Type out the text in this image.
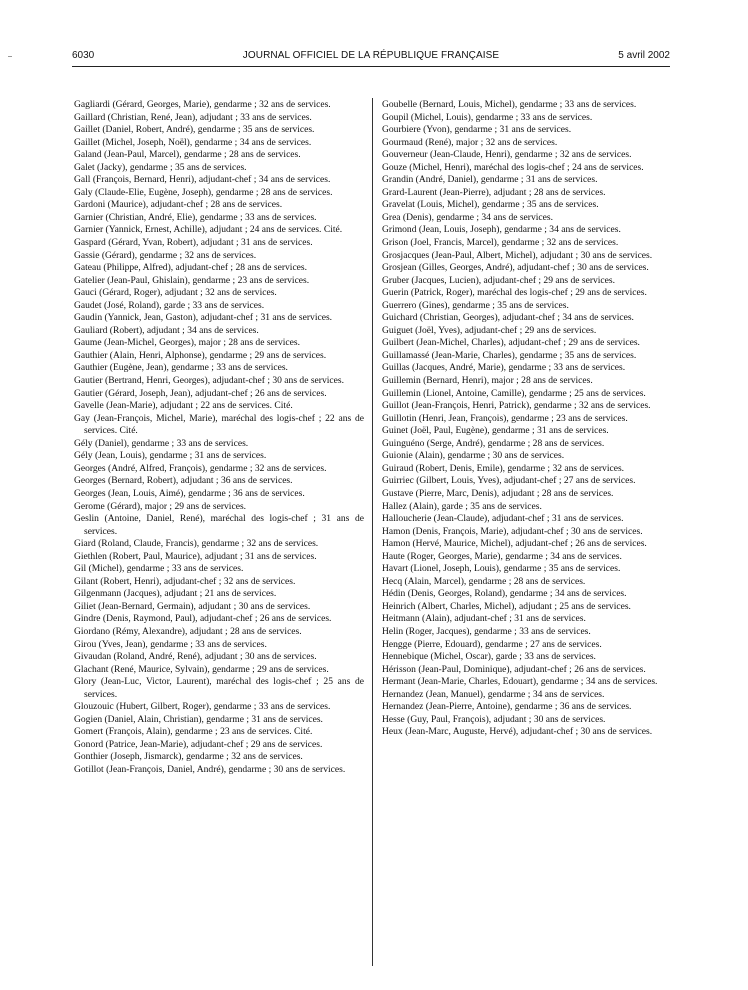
6030	JOURNAL OFFICIEL DE LA RÉPUBLIQUE FRANÇAISE	5 avril 2002

Gagliardi (Gérard, Georges, Marie), gendarme ; 32 ans de services.

Gaillard (Christian, René, Jean), adjudant ; 33 ans de services.

Gaillet (Daniel, Robert, André), gendarme ; 35 ans de services.

Gaillet (Michel, Joseph, Noël), gendarme ; 34 ans de services.

Galand (Jean-Paul, Marcel), gendarme ; 28 ans de services.

Galet (Jacky), gendarme ; 35 ans de services.

Gall (François, Bernard, Henri), adjudant-chef ; 34 ans de services.

Galy (Claude-Elie, Eugène, Joseph), gendarme ; 28 ans de services.

Gardoni (Maurice), adjudant-chef ; 28 ans de services.

Garnier (Christian, André, Elie), gendarme ; 33 ans de services.

Garnier (Yannick, Ernest, Achille), adjudant ; 24 ans de services. Cité.

Gaspard (Gérard, Yvan, Robert), adjudant ; 31 ans de services.

Gassie (Gérard), gendarme ; 32 ans de services.

Gateau (Philippe, Alfred), adjudant-chef ; 28 ans de services.

Gatelier (Jean-Paul, Ghislain), gendarme ; 23 ans de services.

Gauci (Gérard, Roger), adjudant ; 32 ans de services.

Gaudet (José, Roland), garde ; 33 ans de services.

Gaudin (Yannick, Jean, Gaston), adjudant-chef ; 31 ans de services.

Gauliard (Robert), adjudant ; 34 ans de services.

Gaume (Jean-Michel, Georges), major ; 28 ans de services.

Gauthier (Alain, Henri, Alphonse), gendarme ; 29 ans de services.

Gauthier (Eugène, Jean), gendarme ; 33 ans de services.

Gautier (Bertrand, Henri, Georges), adjudant-chef ; 30 ans de services.

Gautier (Gérard, Joseph, Jean), adjudant-chef ; 26 ans de services.

Gavelle (Jean-Marie), adjudant ; 22 ans de services. Cité.

Gay (Jean-François, Michel, Marie), maréchal des logis-chef ; 22 ans de services. Cité.

Gély (Daniel), gendarme ; 33 ans de services.

Gély (Jean, Louis), gendarme ; 31 ans de services.

Georges (André, Alfred, François), gendarme ; 32 ans de services.

Georges (Bernard, Robert), adjudant ; 36 ans de services.

Georges (Jean, Louis, Aimé), gendarme ; 36 ans de services.

Gerome (Gérard), major ; 29 ans de services.

Geslin (Antoine, Daniel, René), maréchal des logis-chef ; 31 ans de services.

Giard (Roland, Claude, Francis), gendarme ; 32 ans de services.

Giethlen (Robert, Paul, Maurice), adjudant ; 31 ans de services.

Gil (Michel), gendarme ; 33 ans de services.

Gilant (Robert, Henri), adjudant-chef ; 32 ans de services.

Gilgenmann (Jacques), adjudant ; 21 ans de services.

Giliet (Jean-Bernard, Germain), adjudant ; 30 ans de services.

Gindre (Denis, Raymond, Paul), adjudant-chef ; 26 ans de services.

Giordano (Rémy, Alexandre), adjudant ; 28 ans de services.

Girou (Yves, Jean), gendarme ; 33 ans de services.

Givaudan (Roland, André, René), adjudant ; 30 ans de services.

Glachant (René, Maurice, Sylvain), gendarme ; 29 ans de services.

Glory (Jean-Luc, Victor, Laurent), maréchal des logis-chef ; 25 ans de services.

Glouzouic (Hubert, Gilbert, Roger), gendarme ; 33 ans de services.

Gogien (Daniel, Alain, Christian), gendarme ; 31 ans de services.

Gomert (François, Alain), gendarme ; 23 ans de services. Cité.

Gonord (Patrice, Jean-Marie), adjudant-chef ; 29 ans de services.

Gonthier (Joseph, Jismarck), gendarme ; 32 ans de services.

Gotillot (Jean-François, Daniel, André), gendarme ; 30 ans de services.

Goubelle (Bernard, Louis, Michel), gendarme ; 33 ans de services.

Goupil (Michel, Louis), gendarme ; 33 ans de services.

Gourbiere (Yvon), gendarme ; 31 ans de services.

Gourmaud (René), major ; 32 ans de services.

Gouverneur (Jean-Claude, Henri), gendarme ; 32 ans de services.

Gouze (Michel, Henri), maréchal des logis-chef ; 24 ans de services.

Grandin (André, Daniel), gendarme ; 31 ans de services.

Grard-Laurent (Jean-Pierre), adjudant ; 28 ans de services.

Gravelat (Louis, Michel), gendarme ; 35 ans de services.

Grea (Denis), gendarme ; 34 ans de services.

Grimond (Jean, Louis, Joseph), gendarme ; 34 ans de services.

Grison (Joel, Francis, Marcel), gendarme ; 32 ans de services.

Grosjacques (Jean-Paul, Albert, Michel), adjudant ; 30 ans de services.

Grosjean (Gilles, Georges, André), adjudant-chef ; 30 ans de services.

Gruber (Jacques, Lucien), adjudant-chef ; 29 ans de services.

Guerin (Patrick, Roger), maréchal des logis-chef ; 29 ans de services.

Guerrero (Gines), gendarme ; 35 ans de services.

Guichard (Christian, Georges), adjudant-chef ; 34 ans de services.

Guiguet (Joël, Yves), adjudant-chef ; 29 ans de services.

Guilbert (Jean-Michel, Charles), adjudant-chef ; 29 ans de services.

Guillamassé (Jean-Marie, Charles), gendarme ; 35 ans de services.

Guillas (Jacques, André, Marie), gendarme ; 33 ans de services.

Guillemin (Bernard, Henri), major ; 28 ans de services.

Guillemin (Lionel, Antoine, Camille), gendarme ; 25 ans de services.

Guillot (Jean-François, Henri, Patrick), gendarme ; 32 ans de services.

Guillotin (Henri, Jean, François), gendarme ; 23 ans de services.

Guinet (Joël, Paul, Eugène), gendarme ; 31 ans de services.

Guinguéno (Serge, André), gendarme ; 28 ans de services.

Guionie (Alain), gendarme ; 30 ans de services.

Guiraud (Robert, Denis, Emile), gendarme ; 32 ans de services.

Guirriec (Gilbert, Louis, Yves), adjudant-chef ; 27 ans de services.

Gustave (Pierre, Marc, Denis), adjudant ; 28 ans de services.

Hallez (Alain), garde ; 35 ans de services.

Halloucherie (Jean-Claude), adjudant-chef ; 31 ans de services.

Hamon (Denis, François, Marie), adjudant-chef ; 30 ans de services.

Hamon (Hervé, Maurice, Michel), adjudant-chef ; 26 ans de services.

Haute (Roger, Georges, Marie), gendarme ; 34 ans de services.

Havart (Lionel, Joseph, Louis), gendarme ; 35 ans de services.

Hecq (Alain, Marcel), gendarme ; 28 ans de services.

Hédin (Denis, Georges, Roland), gendarme ; 34 ans de services.

Heinrich (Albert, Charles, Michel), adjudant ; 25 ans de services.

Heitmann (Alain), adjudant-chef ; 31 ans de services.

Helin (Roger, Jacques), gendarme ; 33 ans de services.

Hengge (Pierre, Edouard), gendarme ; 27 ans de services.

Hennebique (Michel, Oscar), garde ; 33 ans de services.

Hérisson (Jean-Paul, Dominique), adjudant-chef ; 26 ans de services.

Hermant (Jean-Marie, Charles, Edouart), gendarme ; 34 ans de services.

Hernandez (Jean, Manuel), gendarme ; 34 ans de services.

Hernandez (Jean-Pierre, Antoine), gendarme ; 36 ans de services.

Hesse (Guy, Paul, François), adjudant ; 30 ans de services.

Heux (Jean-Marc, Auguste, Hervé), adjudant-chef ; 30 ans de services.
